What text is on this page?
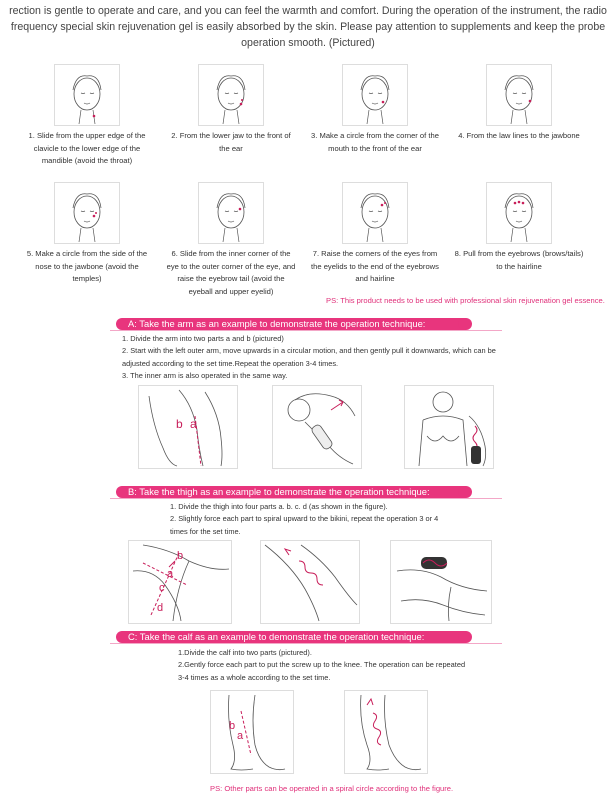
rection is gentle to operate and care, and you can feel the warmth and comfort. During the operation of the instrument, the radio frequency special skin rejuvenation gel is easily absorbed by the skin. Please pay attention to supplements and keep the probe operation smooth. (Pictured)
1. Slide from the upper edge of the clavicle to the lower edge of the mandible (avoid the throat)
2. From the lower jaw to the front of the ear
3. Make a circle from the corner of the mouth to the front of the ear
4. From the law lines to the jawbone
5. Make a circle from the side of the nose to the jawbone (avoid the temples)
6. Slide from the inner corner of the eye to the outer corner of the eye, and raise the eyebrow tail (avoid the eyeball and upper eyelid)
7. Raise the corners of the eyes from the eyelids to the end of the eyebrows and hairline
8. Pull from the eyebrows (brows/tails) to the hairline
PS: This product needs to be used with professional skin rejuvenation gel essence.
A: Take the arm as an example to demonstrate the operation technique:
1. Divide the arm into two parts a and b (pictured)
2. Start with the left outer arm, move upwards in a circular motion, and then gently pull it downwards, which can be
adjusted according to the set time.Repeat the operation 3-4 times.
3. The inner arm is also operated in the same way.
b a
B: Take the thigh as an example to demonstrate the operation technique:
1. Divide the thigh into four parts a. b. c. d (as shown in the figure).
2. Slightly force each part to spiral upward to the bikini, repeat the operation 3 or 4
times for the set time.
b
a
c
d
C: Take the calf as an example to demonstrate the operation technique:
1.Divide the calf into two parts (pictured).
2.Gently force each part to put the screw up to the knee. The operation can be repeated
3-4 times as a whole according to the set time.
b
a
PS: Other parts can be operated in a spiral circle according to the figure.
